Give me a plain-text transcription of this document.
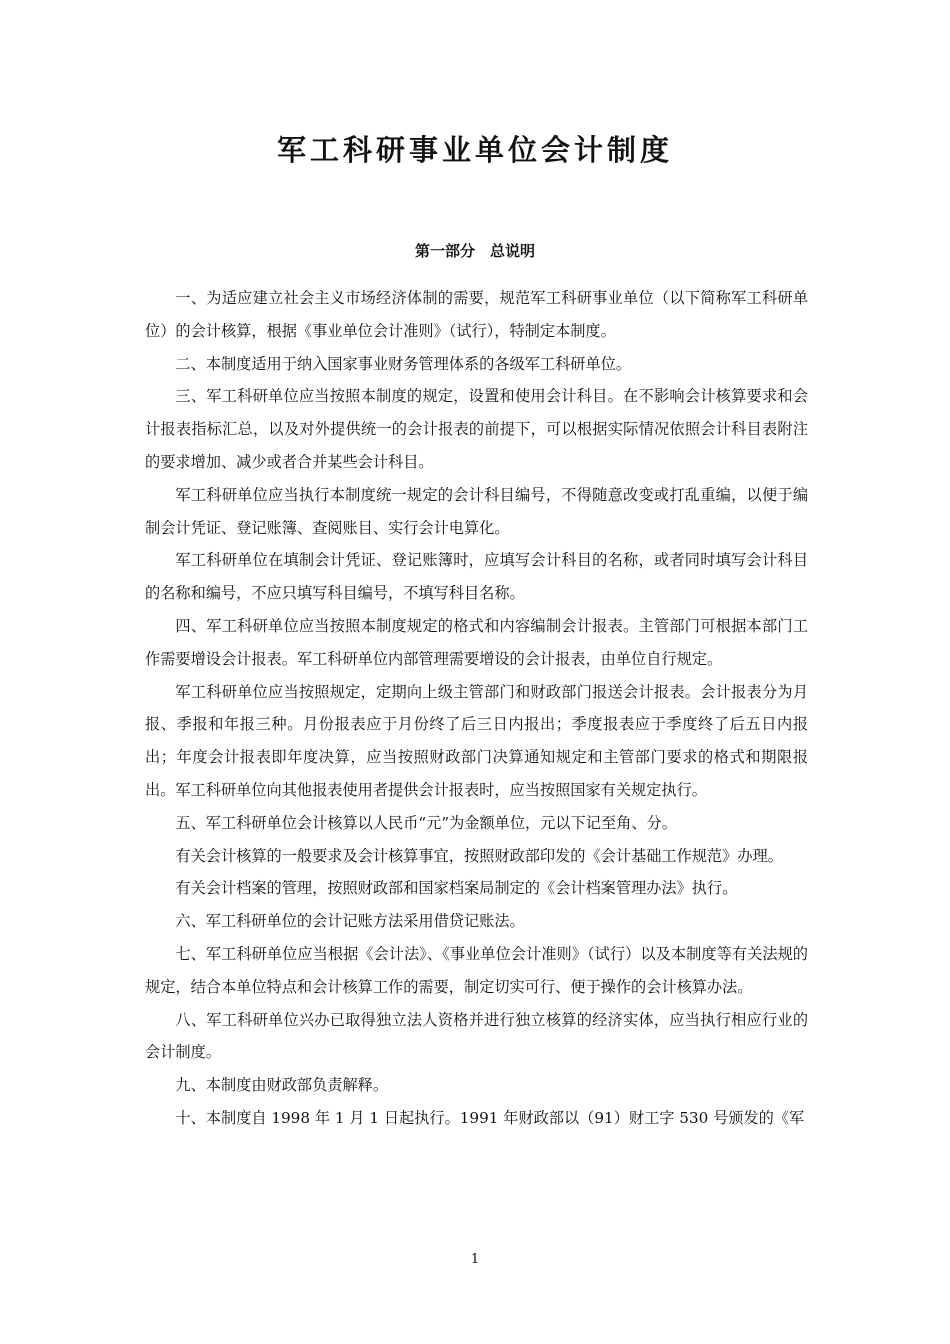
军工科研事业单位会计制度
第一部分　总说明

一、为适应建立社会主义市场经济体制的需要，规范军工科研事业单位（以下简称军工科研单位）的会计核算，根据《事业单位会计准则》（试行），特制定本制度。

二、本制度适用于纳入国家事业财务管理体系的各级军工科研单位。

三、军工科研单位应当按照本制度的规定，设置和使用会计科目。在不影响会计核算要求和会计报表指标汇总，以及对外提供统一的会计报表的前提下，可以根据实际情况依照会计科目表附注的要求增加、减少或者合并某些会计科目。

军工科研单位应当执行本制度统一规定的会计科目编号，不得随意改变或打乱重编，以便于编制会计凭证、登记账簿、查阅账目、实行会计电算化。

军工科研单位在填制会计凭证、登记账簿时，应填写会计科目的名称，或者同时填写会计科目的名称和编号，不应只填写科目编号，不填写科目名称。

四、军工科研单位应当按照本制度规定的格式和内容编制会计报表。主管部门可根据本部门工作需要增设会计报表。军工科研单位内部管理需要增设的会计报表，由单位自行规定。

军工科研单位应当按照规定，定期向上级主管部门和财政部门报送会计报表。会计报表分为月报、季报和年报三种。月份报表应于月份终了后三日内报出；季度报表应于季度终了后五日内报出；年度会计报表即年度决算，应当按照财政部门决算通知规定和主管部门要求的格式和期限报出。军工科研单位向其他报表使用者提供会计报表时，应当按照国家有关规定执行。

五、军工科研单位会计核算以人民币“元”为金额单位，元以下记至角、分。

有关会计核算的一般要求及会计核算事宜，按照财政部印发的《会计基础工作规范》办理。

有关会计档案的管理，按照财政部和国家档案局制定的《会计档案管理办法》执行。

六、军工科研单位的会计记账方法采用借贷记账法。

七、军工科研单位应当根据《会计法》、《事业单位会计准则》（试行）以及本制度等有关法规的规定，结合本单位特点和会计核算工作的需要，制定切实可行、便于操作的会计核算办法。

八、军工科研单位兴办已取得独立法人资格并进行独立核算的经济实体，应当执行相应行业的会计制度。

九、本制度由财政部负责解释。

十、本制度自 1998 年 1 月 1 日起执行。1991 年财政部以（91）财工字 530 号颁发的《军

1
